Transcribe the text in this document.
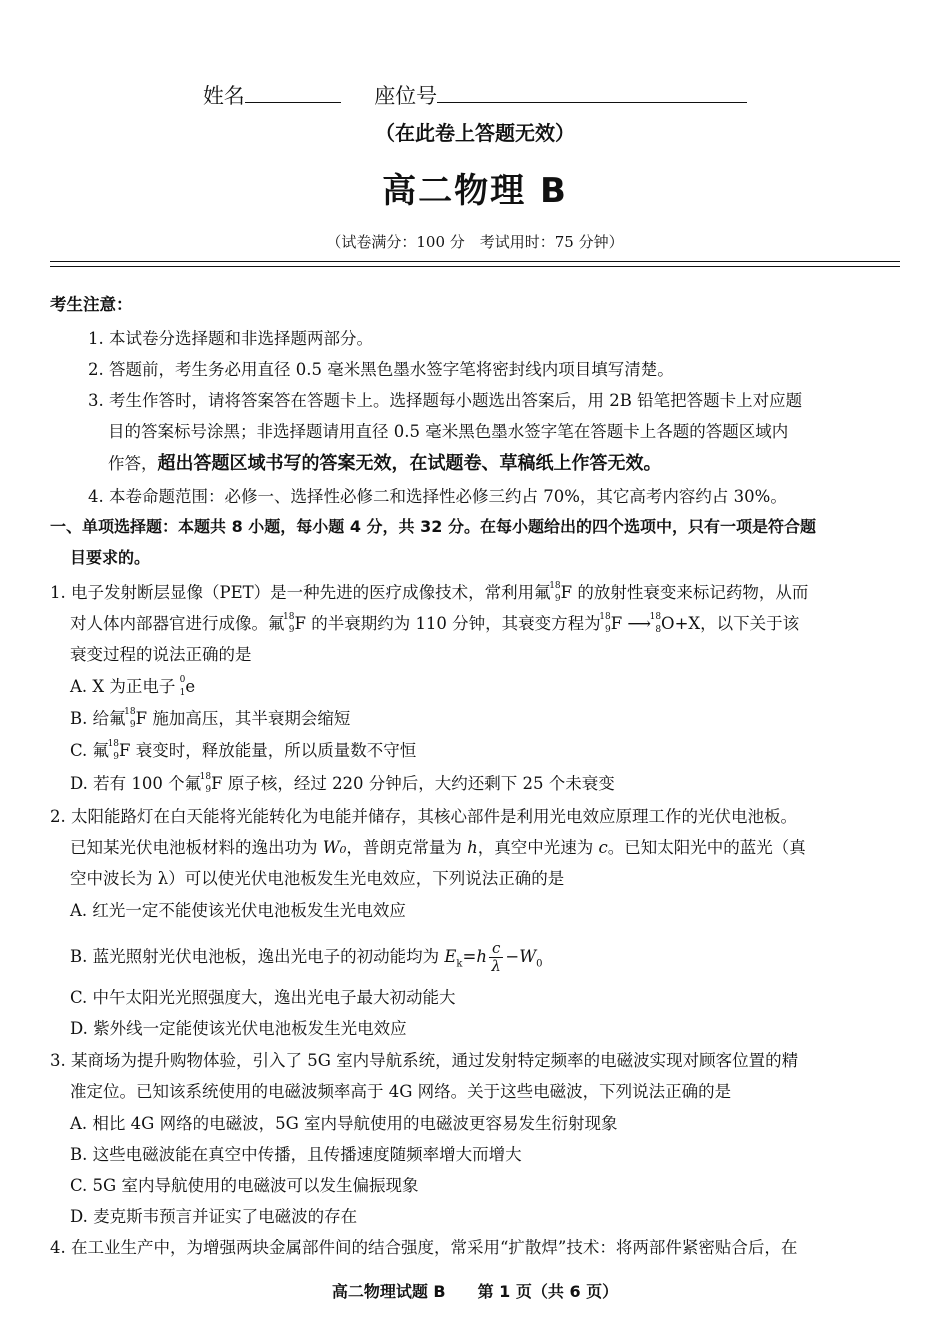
姓名	座位号
（在此卷上答题无效）
高二物理 B
（试卷满分：100 分　考试用时：75 分钟）
考生注意：
1. 本试卷分选择题和非选择题两部分。
2. 答题前，考生务必用直径 0.5 毫米黑色墨水签字笔将密封线内项目填写清楚。
3. 考生作答时，请将答案答在答题卡上。选择题每小题选出答案后，用 2B 铅笔把答题卡上对应题
目的答案标号涂黑；非选择题请用直径 0.5 毫米黑色墨水签字笔在答题卡上各题的答题区域内
作答，超出答题区域书写的答案无效，在试题卷、草稿纸上作答无效。
4. 本卷命题范围：必修一、选择性必修二和选择性必修三约占 70%，其它高考内容约占 30%。
一、单项选择题：本题共 8 小题，每小题 4 分，共 32 分。在每小题给出的四个选项中，只有一项是符合题
目要求的。
1. 电子发射断层显像（PET）是一种先进的医疗成像技术，常利用氟
18
9 F 的放射性衰变来标记药物，从而
对人体内部器官进行成像。氟
18
9 F 的半衰期约为 110 分钟，其衰变方程为
18
9 F ⟶
18
8 O+X，以下关于该
衰变过程的说法正确的是
A. X 为正电子 0
1 e
B. 给氟
18
9 F 施加高压，其半衰期会缩短
C. 氟
18
9 F 衰变时，释放能量，所以质量数不守恒
D. 若有 100 个氟
18
9 F 原子核，经过 220 分钟后，大约还剩下 25 个未衰变
2. 太阳能路灯在白天能将光能转化为电能并储存，其核心部件是利用光电效应原理工作的光伏电池板。
已知某光伏电池板材料的逸出功为 W₀，普朗克常量为 h，真空中光速为 c。已知太阳光中的蓝光（真
空中波长为 λ）可以使光伏电池板发生光电效应，下列说法正确的是
A. 红光一定不能使该光伏电池板发生光电效应
B. 蓝光照射光伏电池板，逸出光电子的初动能均为 $E_k=h \frac{c}{\lambda} -W_0$
C. 中午太阳光光照强度大，逸出光电子最大初动能大
D. 紫外线一定能使该光伏电池板发生光电效应
3. 某商场为提升购物体验，引入了 5G 室内导航系统，通过发射特定频率的电磁波实现对顾客位置的精
准定位。已知该系统使用的电磁波频率高于 4G 网络。关于这些电磁波，下列说法正确的是
A. 相比 4G 网络的电磁波，5G 室内导航使用的电磁波更容易发生衍射现象
B. 这些电磁波能在真空中传播，且传播速度随频率增大而增大
C. 5G 室内导航使用的电磁波可以发生偏振现象
D. 麦克斯韦预言并证实了电磁波的存在
4. 在工业生产中，为增强两块金属部件间的结合强度，常采用“扩散焊”技术：将两部件紧密贴合后，在
高二物理试题 B　　第 1 页（共 6 页）
